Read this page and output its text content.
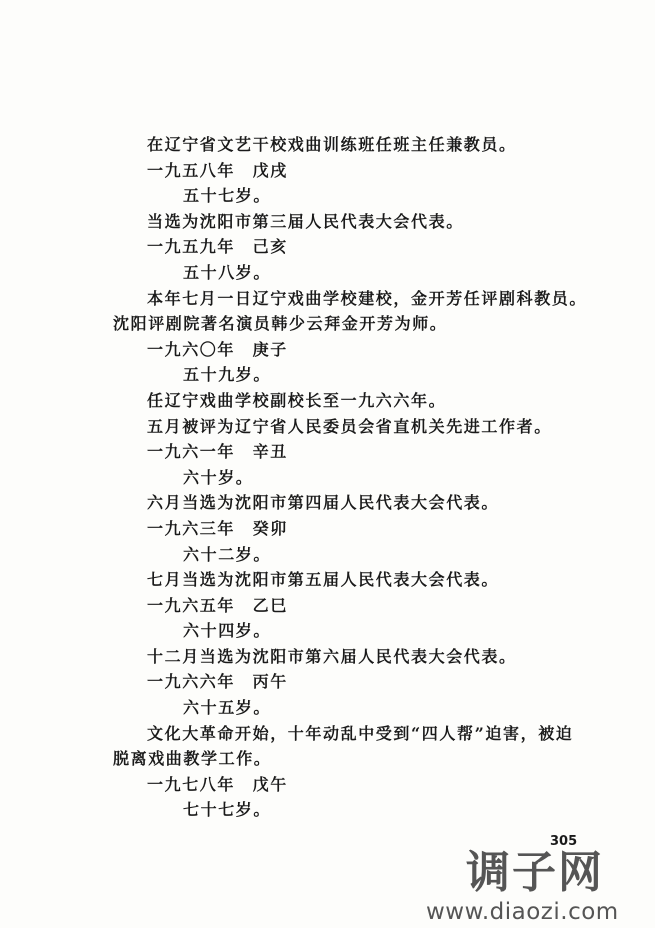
在辽宁省文艺干校戏曲训练班任班主任兼教员。
一九五八年　戊戌
五十七岁。
当选为沈阳市第三届人民代表大会代表。
一九五九年　己亥
五十八岁。
本年七月一日辽宁戏曲学校建校，金开芳任评剧科教员。
沈阳评剧院著名演员韩少云拜金开芳为师。
一九六〇年　庚子
五十九岁。
任辽宁戏曲学校副校长至一九六六年。
五月被评为辽宁省人民委员会省直机关先进工作者。
一九六一年　辛丑
六十岁。
六月当选为沈阳市第四届人民代表大会代表。
一九六三年　癸卯
六十二岁。
七月当选为沈阳市第五届人民代表大会代表。
一九六五年　乙巳
六十四岁。
十二月当选为沈阳市第六届人民代表大会代表。
一九六六年　丙午
六十五岁。
文化大革命开始，十年动乱中受到“四人帮”迫害，被迫
脱离戏曲教学工作。
一九七八年　戊午
七十七岁。
305
调子网
www.diaozi.com
